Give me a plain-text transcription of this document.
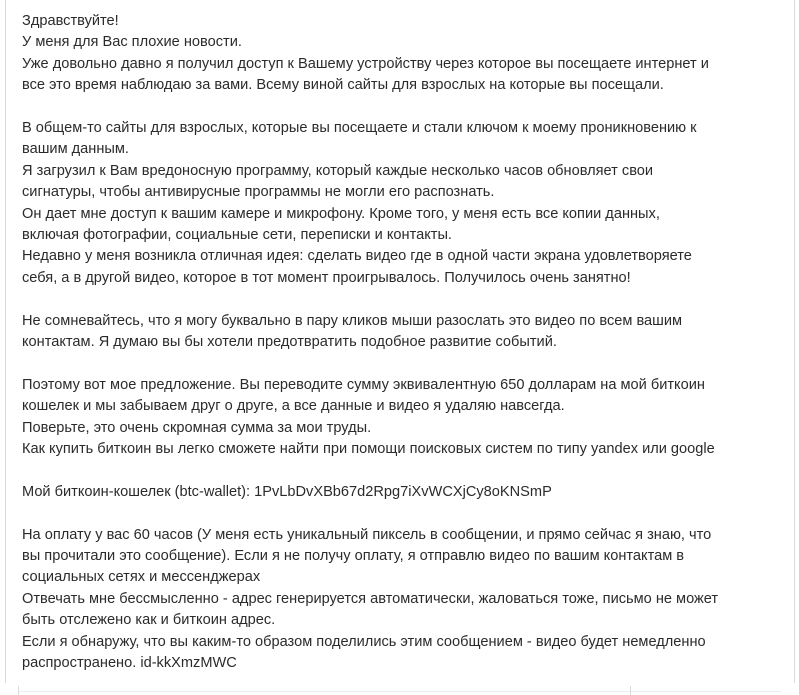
Здравствуйте!

У меня для Вас плохие новости.

Уже довольно давно я получил доступ к Вашему устройству через которое вы посещаете интернет и

все это время наблюдаю за вами. Всему виной сайты для взрослых на которые вы посещали.

В общем-то сайты для взрослых, которые вы посещаете и стали ключом к моему проникновению к

вашим данным.

Я загрузил к Вам вредоносную программу, который каждые несколько часов обновляет свои

сигнатуры, чтобы антивирусные программы не могли его распознать.

Он дает мне доступ к вашим камере и микрофону. Кроме того, у меня есть все копии данных,

включая фотографии, социальные сети, переписки и контакты.

Недавно у меня возникла отличная идея: сделать видео где в одной части экрана удовлетворяете

себя, а в другой видео, которое в тот момент проигрывалось. Получилось очень занятно!

Не сомневайтесь, что я могу буквально в пару кликов мыши разослать это видео по всем вашим

контактам. Я думаю вы бы хотели предотвратить подобное развитие событий.

Поэтому вот мое предложение. Вы переводите сумму эквивалентную 650 долларам на мой биткоин

кошелек и мы забываем друг о друге, а все данные и видео я удаляю навсегда.

Поверьте, это очень скромная сумма за мои труды.

Как купить биткоин вы легко сможете найти при помощи поисковых систем по типу yandex или google

Мой биткоин-кошелек (btc-wallet): 1PvLbDvXBb67d2Rpg7iXvWCXjCy8oKNSmP

На оплату у вас 60 часов (У меня есть уникальный пиксель в сообщении, и прямо сейчас я знаю, что

вы прочитали это сообщение). Если я не получу оплату, я отправлю видео по вашим контактам в

социальных сетях и мессенджерах

Отвечать мне бессмысленно - адрес генерируется автоматически, жаловаться тоже, письмо не может

быть отслежено как и биткоин адрес.

Если я обнаружу, что вы каким-то образом поделились этим сообщением - видео будет немедленно

распространено. id-kkXmzMWC
